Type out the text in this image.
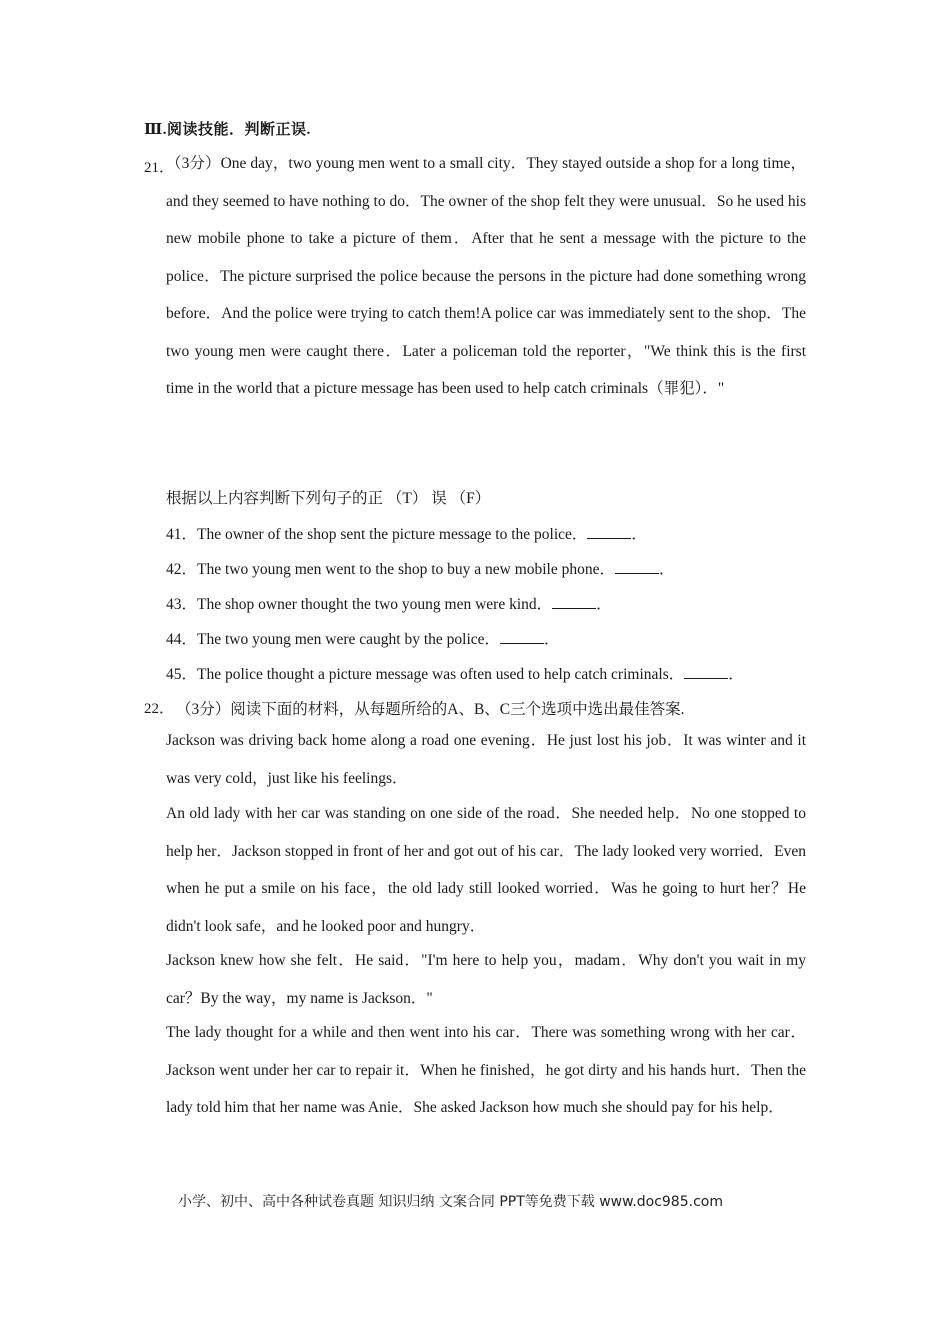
Ⅲ.阅读技能．判断正误.
21．
（3分）One day，two young men went to a small city．They stayed outside a shop for a long time，and they seemed to have nothing to do．The owner of the shop felt they were unusual．So he used his new mobile phone to take a picture of them．After that he sent a message with the picture to the police．The picture surprised the police because the persons in the picture had done something wrong before．And the police were trying to catch them!A police car was immediately sent to the shop．The two young men were caught there．Later a policeman told the reporter，"We think this is the first time in the world that a picture message has been used to help catch criminals（罪犯）．"
根据以上内容判断下列句子的正 （T） 误 （F）
41．The owner of the shop sent the picture message to the police．	．
42．The two young men went to the shop to buy a new mobile phone．	．
43．The shop owner thought the two young men were kind．	．
44．The two young men were caught by the police．	．
45．The police thought a picture message was often used to help catch criminals．	．
22． （3分）阅读下面的材料，从每题所给的A、B、C三个选项中选出最佳答案.
Jackson was driving back home along a road one evening．He just lost his job．It was winter and it was very cold，just like his feelings．
An old lady with her car was standing on one side of the road．She needed help．No one stopped to help her．Jackson stopped in front of her and got out of his car．The lady looked very worried．Even when he put a smile on his face，the old lady still looked worried．Was he going to hurt her？He didn't look safe，and he looked poor and hungry．
Jackson knew how she felt．He said．"I'm here to help you，madam．Why don't you wait in my car？By the way，my name is Jackson．"
The lady thought for a while and then went into his car．There was something wrong with her car．Jackson went under her car to repair it．When he finished，he got dirty and his hands hurt．Then the lady told him that her name was Anie．She asked Jackson how much she should pay for his help．
小学、初中、高中各种试卷真题 知识归纳 文案合同 PPT等免费下载 www.doc985.com
